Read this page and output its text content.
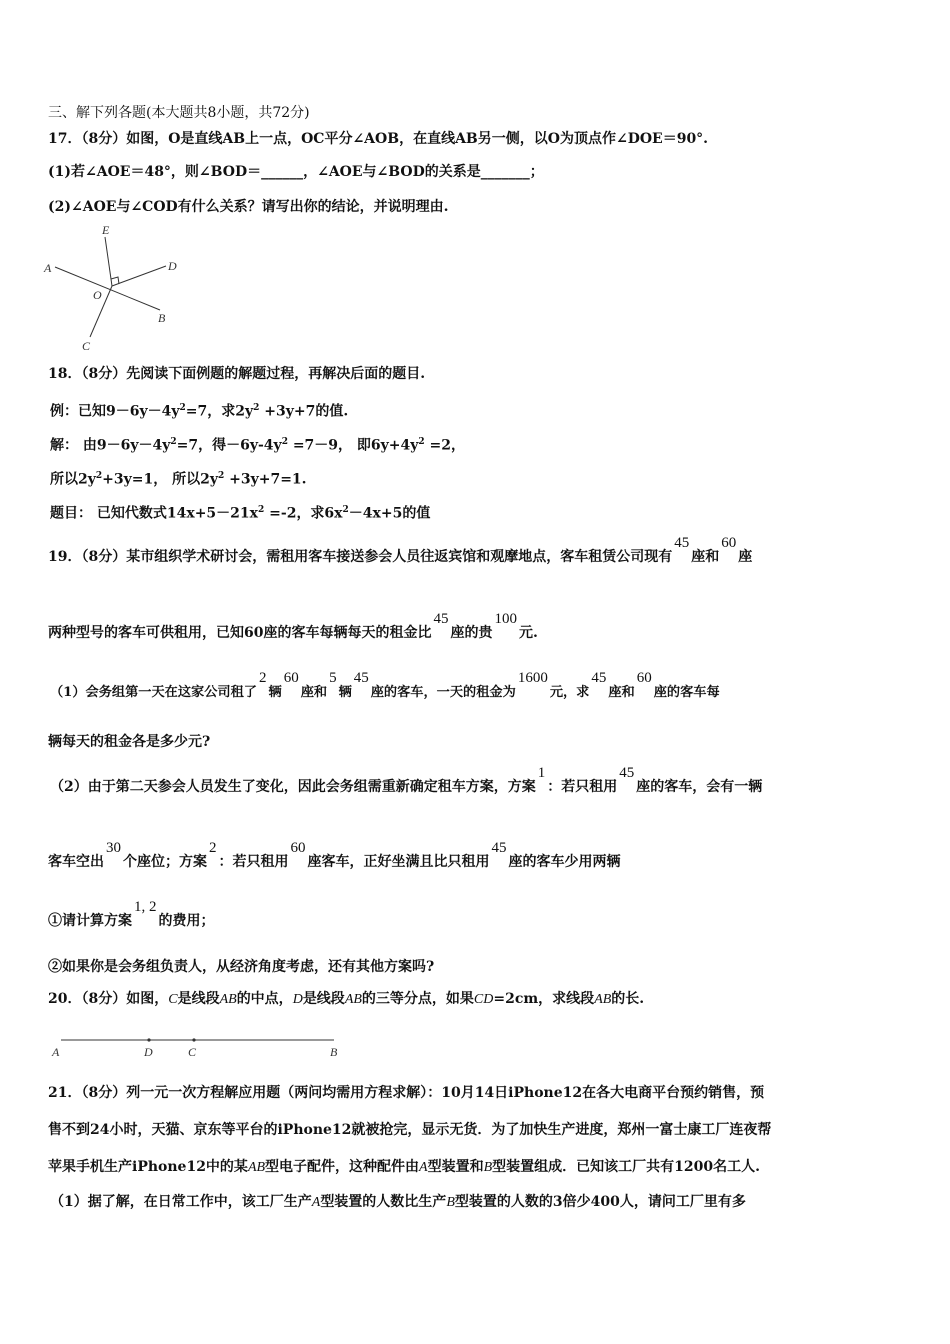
三、解下列各题(本大题共8小题，共72分)
17．（8分）如图，O是直线AB上一点，OC平分∠AOB，在直线AB另一侧，以O为顶点作∠DOE＝90°.
(1)若∠AOE＝48°，则∠BOD＝______，∠AOE与∠BOD的关系是_______；
(2)∠AOE与∠COD有什么关系？请写出你的结论，并说明理由.
E
A	D
O
B
C
18．（8分）先阅读下面例题的解题过程，再解决后面的题目.
例：已知$9-6y-4y^2=7$，求$2y^2 +3y+7$的值.
解： 由$9-6y-4y^2=7$，得$-6y-4y^2 =7-9$， 即$6y+4y^2 =2$，
所以$2y^2+3y=1$， 所以$2y^2 +3y+7=1$.
题目： 已知代数式$14x+5-21x^2 =-2$，求$6x^2-4x+5$的值
19．（8分）某市组织学术研讨会，需租用客车接送参会人员往返宾馆和观摩地点，客车租赁公司现有45座和60座
两种型号的客车可供租用，已知60座的客车每辆每天的租金比45座的贵100元.
（1）会务组第一天在这家公司租了2辆60座和5辆45座的客车，一天的租金为1600元，求45座和60座的客车每
辆每天的租金各是多少元?
（2）由于第二天参会人员发生了变化，因此会务组需重新确定租车方案，方案1：若只租用45座的客车，会有一辆
客车空出30个座位；方案2：若只租用60座客车，正好坐满且比只租用45座的客车少用两辆
①请计算方案1, 2的费用；
②如果你是会务组负责人，从经济角度考虑，还有其他方案吗?
20．（8分）如图，C是线段AB的中点，D是线段AB的三等分点，如果CD=2cm，求线段AB的长.
A	D	C	B
21．（8分）列一元一次方程解应用题（两问均需用方程求解）：10月14日iPhone12在各大电商平台预约销售，预
售不到24小时，天猫、京东等平台的iPhone12就被抢完，显示无货．为了加快生产进度，郑州一富士康工厂连夜帮
苹果手机生产iPhone12中的某AB型电子配件，这种配件由A型装置和B型装置组成．已知该工厂共有1200名工人.
（1）据了解，在日常工作中，该工厂生产A型装置的人数比生产B型装置的人数的3倍少400人，请问工厂里有多
